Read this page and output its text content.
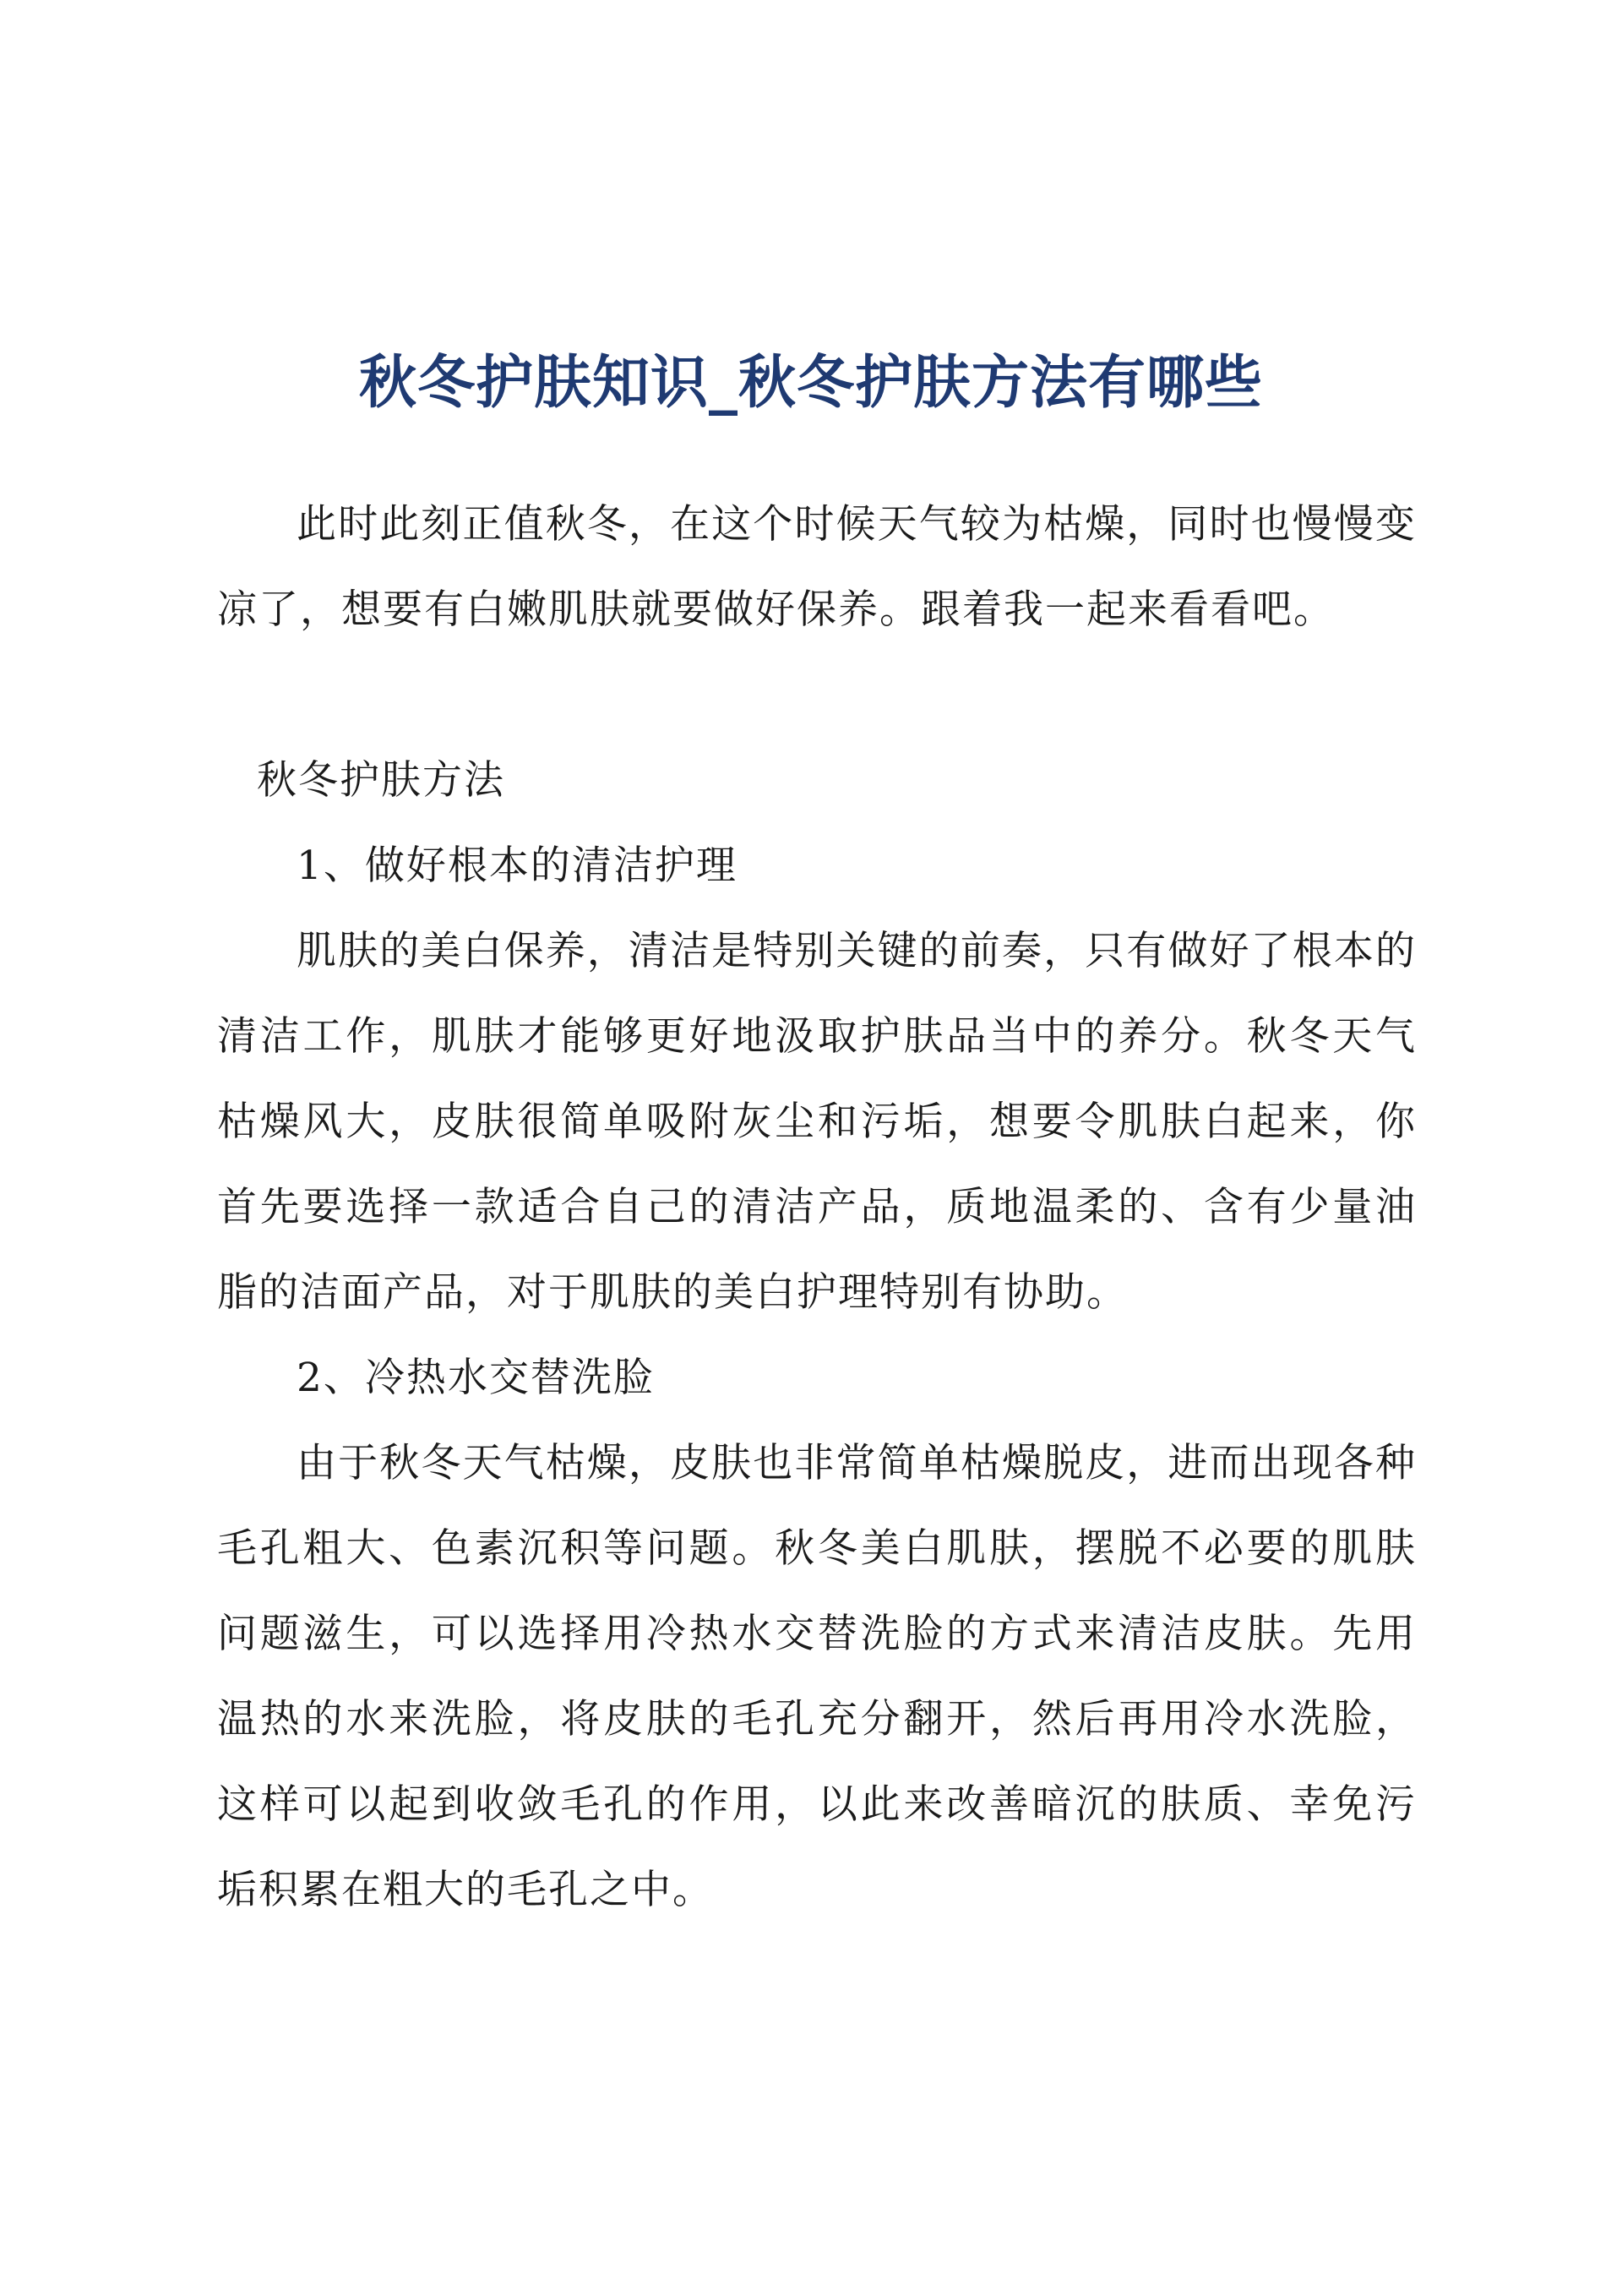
秋冬护肤知识_秋冬护肤方法有哪些

此时此刻正值秋冬，在这个时候天气较为枯燥，同时也慢慢变凉了，想要有白嫩肌肤就要做好保养。跟着我一起来看看吧。

秋冬护肤方法

1、做好根本的清洁护理

肌肤的美白保养，清洁是特别关键的前奏，只有做好了根本的清洁工作，肌肤才能够更好地汲取护肤品当中的养分。秋冬天气枯燥风大，皮肤很简单吸附灰尘和污垢，想要令肌肤白起来，你首先要选择一款适合自己的清洁产品，质地温柔的、含有少量油脂的洁面产品，对于肌肤的美白护理特别有协助。

2、冷热水交替洗脸

由于秋冬天气枯燥，皮肤也非常简单枯燥脱皮，进而出现各种毛孔粗大、色素沉积等问题。秋冬美白肌肤，摆脱不必要的肌肤问题滋生，可以选择用冷热水交替洗脸的方式来清洁皮肤。先用温热的水来洗脸，将皮肤的毛孔充分翻开，然后再用冷水洗脸，这样可以起到收敛毛孔的作用，以此来改善暗沉的肤质、幸免污垢积累在粗大的毛孔之中。
